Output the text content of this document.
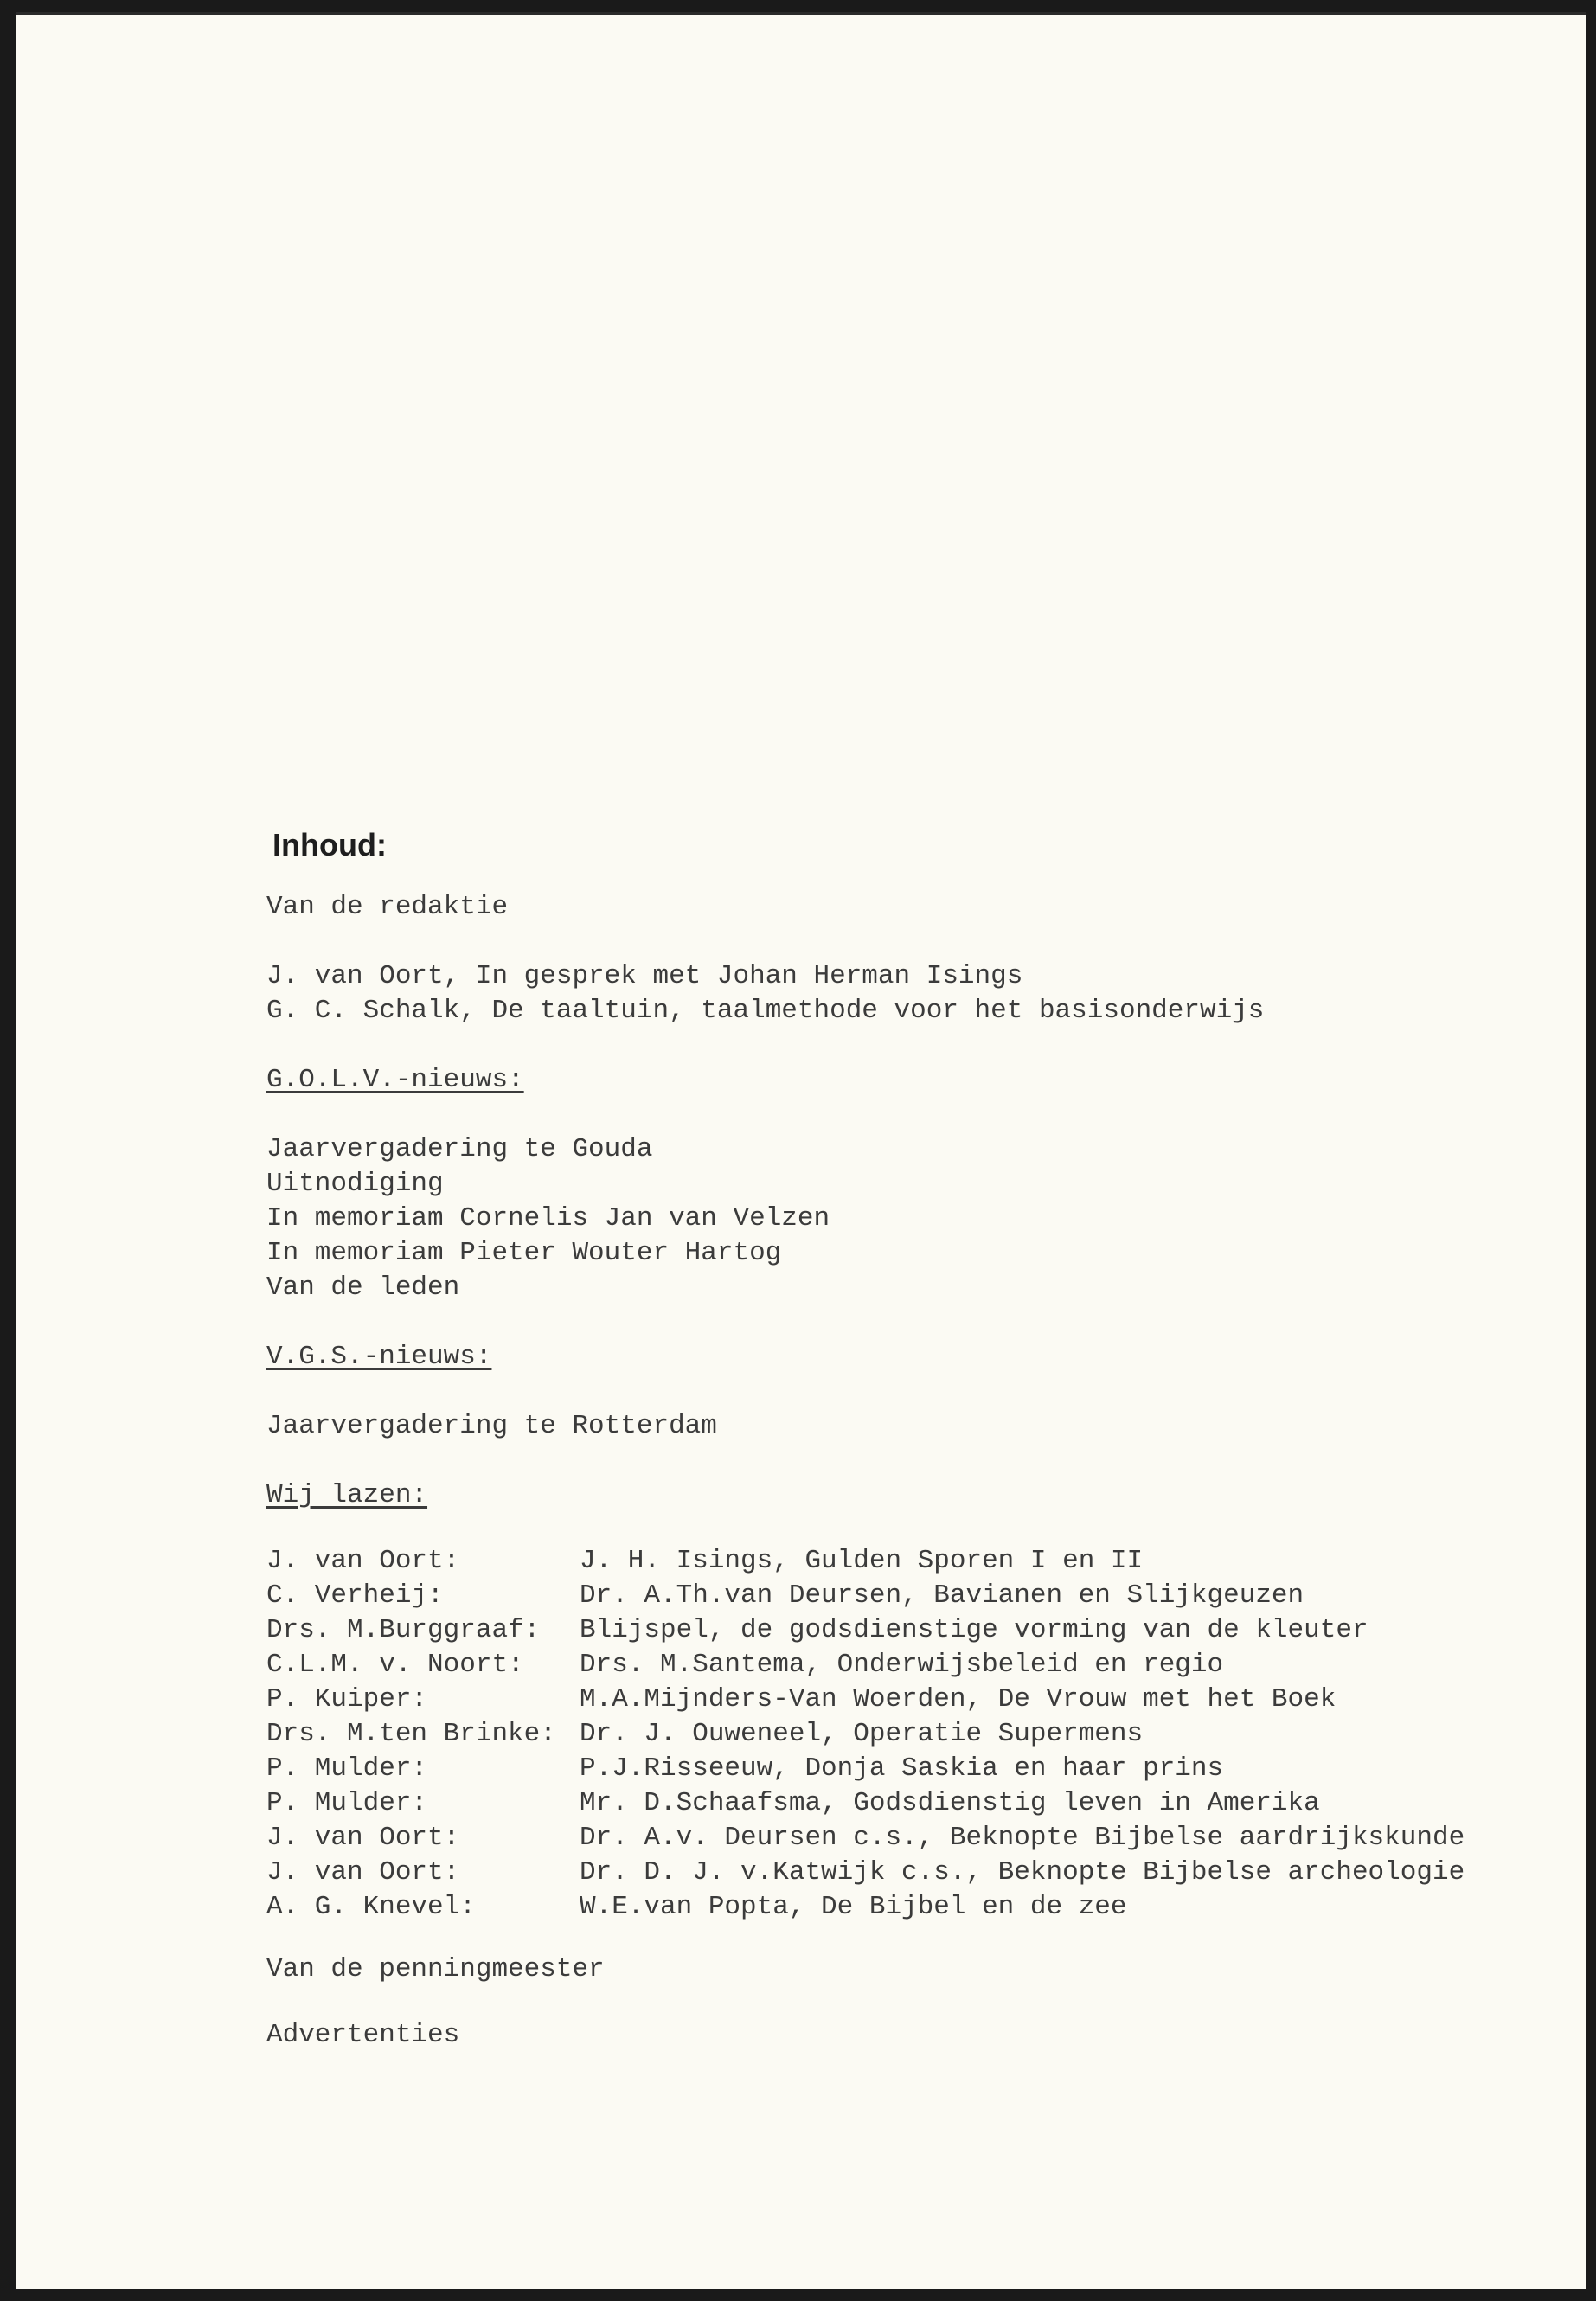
Inhoud:

Van de redaktie

J. van Oort, In gesprek met Johan Herman Isings

G. C. Schalk, De taaltuin, taalmethode voor het basisonderwijs

G.O.L.V.-nieuws:

Jaarvergadering te Gouda

Uitnodiging

In memoriam Cornelis Jan van Velzen

In memoriam Pieter Wouter Hartog

Van de leden

V.G.S.-nieuws:

Jaarvergadering te Rotterdam

Wij lazen:

J. van Oort:	J. H. Isings, Gulden Sporen I en II
C. Verheij:	Dr. A.Th.van Deursen, Bavianen en Slijkgeuzen
Drs. M.Burggraaf: Blijspel, de godsdienstige vorming van de kleuter
C.L.M. v. Noort: Drs. M.Santema, Onderwijsbeleid en regio
P. Kuiper:	M.A.Mijnders-Van Woerden, De Vrouw met het Boek
Drs. M.ten Brinke: Dr. J. Ouweneel, Operatie Supermens
P. Mulder:	P.J.Risseeuw, Donja Saskia en haar prins
P. Mulder:	Mr. D.Schaafsma, Godsdienstig leven in Amerika
J. van Oort:	Dr. A.v. Deursen c.s., Beknopte Bijbelse aardrijkskunde
J. van Oort:	Dr. D. J. v.Katwijk c.s., Beknopte Bijbelse archeologie
A. G. Knevel:	W.E.van Popta, De Bijbel en de zee

Van de penningmeester

Advertenties
